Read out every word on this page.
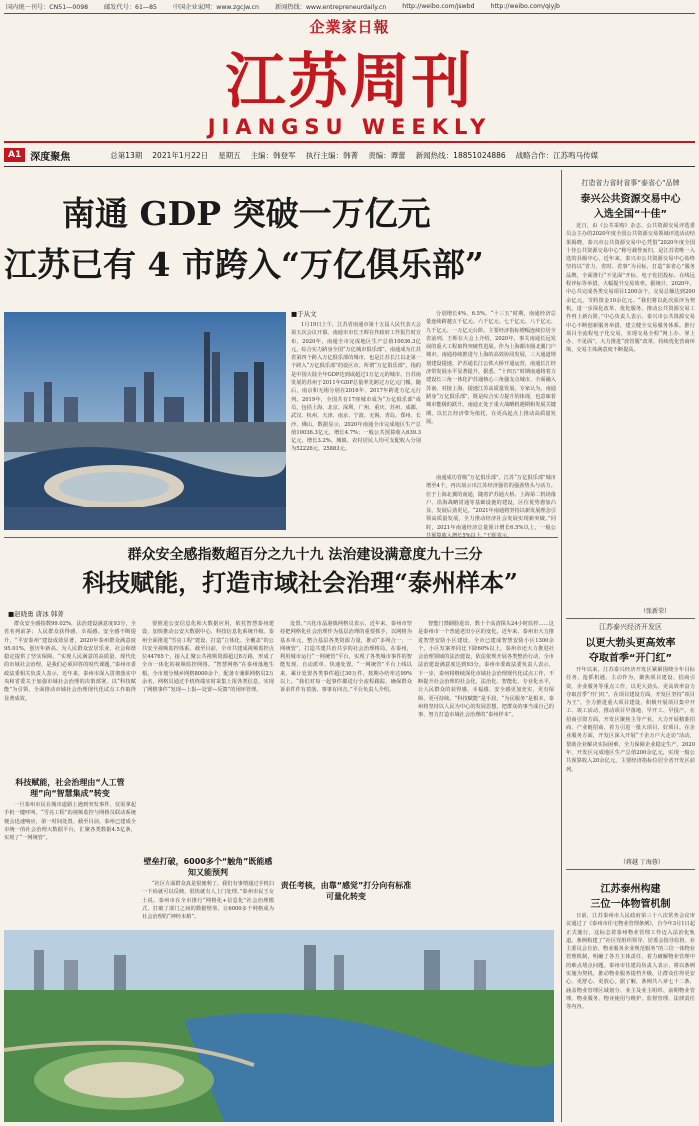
国内统一刊号：CN51—0098	邮发代号：61—85	中国企业家网：www.zgcjw.cn	新闻热线：www.entrepreneurdaily.cn	http://weibo.com/jswbd	http://weibo.com/qiyjb
企業家日報
江苏周刊
JIANGSU WEEKLY
A1 深度聚焦	总第13期 2021年1月22日 星期五 主编：韩登军 执行主编：韩菁 责编：谭蕾 新闻热线：18851024886 战略合作：江苏鸣马传媒
南通 GDP 突破一万亿元
江苏已有 4 市跨入“万亿俱乐部”
■于从文
1月19日上午，江苏省南通市第十五届人民代表大会第五次会议开幕。南通市市长王晖在作政府工作报告时宣布，2020年，南通全市完成地区生产总值10036.3亿元，综合实力跻身全国“万亿城市俱乐部”。南通成为江苏省第四个跨入万亿俱乐部的城市，也是江苏长江以北第一个跨入“万亿俱乐部”的设区市。所谓“万亿俱乐部”，指的是中国大陆全年GDP达到或超过1万亿元的城市。自苏南发展的苏州于2011年GDP总量率先跨过万亿元门槛。随后，南京和无锡分别在2016年、2017年跨进万亿元行列。2019年，全国共有17座城市成为“万亿俱乐部”成员，包括上海、北京、深圳、广州、重庆、苏州、成都、武汉、杭州、天津、南京、宁波、无锡、青岛、郑州、长沙、佛山。数据显示，2020年南通全市完成地区生产总值10036.3亿元，增长4.7%；一般公共预算收入639.3亿元，增长3.2%。城镇、农村居民人均可支配收入分别为52226元、25883元。
分别增长4%、6.5%。“十三五”时期，南通经济总量连续跨越五千亿元、六千亿元、七千亿元、八千亿元、九千亿元、一万亿元台阶。主要经济指标增幅连续位居全省前列。王晖在大会上介绍，2020年，事关南通长远发展的重大工程取得突破性进展。作为上海都市圈北翼门户城市，南通持续推进与上海的高效协同发展，三大通道规划建设提速，沪苏通长江公铁大桥开通运营，南通长江经济带发展水平显著提升。据悉，“十四五”时期南通将着力建设长三角一体化沪苏通核心三角强支点城市，全面融入苏南、对接上海、提速江苏高质量发展。专家认为，南通跻身“万亿俱乐部”，既是综合实力提升的体现，也意味着城市能级的跃升。南通正处于重大战略机遇期和发展关键期，以长江经济带为依托，在更高起点上推动高质量发展。
南通成功晋级“万亿俱乐部”，江苏“万亿俱乐部”城市增至4个，再次展示出江苏经济强省的强劲势头与活力。位于上海北翼的南通，随着沪苏通大桥、上海第二机场落户、沿海战略贯通等基础设施的建设，区位优势愈加凸显，发展后劲更足。“2021年南通将坚持以新发展理念引领高质量发展，全力推动经济社会发展实现新突破。”同时，2021年南通经济总量预计增长6.5%以上，一般公
群众安全感指数超百分之九十九 法治建设满意度九十三分
科技赋能，打造市域社会治理“泰州样本”
■赵晓勇 唐冰 韩菁
群众安全感指数99.02%，法治建设满意度93分，全省名列前茅；人民群众获得感、幸福感、安全感不断提升，“平安泰州”建设成效显著，2020年泰州群众满意度95.01%，创历年新高。为人民群众安居乐业、社会和谐稳定提供了坚实保障。“实现人民满意的高质量、现代化的市域社会治理，是我们必须回答的时代课题。”泰州市委政法委相关负责人表示，近年来，泰州市深入贯彻落实中央和省委关于加强市域社会治理的决策部署，以“科技赋能”为引领，全面推动市域社会治理现代化试点工作取得显著成效。
科技赋能，社会治理由“人工管理”向“智慧集成”转变
一旦泰州市民在城市道路上遇到突发事件，仅需拿起手机一键呼叫，“雪亮工程”的视频监控与网格员联动系统便会迅速响应，第一时间处置。截至目前，泰州已建成全市统一的社会治理大数据平台，汇聚各类数据4.5亿条，实现了“一网统管”。
要推进公安信息化和大数据应用，依托智慧泰州建设，加快推动公安大数据中心、科技信息化系统升级。泰州全面推进“雪亮工程”建设，打造“立体化、全覆盖”的公共安全视频监控体系。截至目前，全市共建成视频监控点位44765个，接入汇聚公共视频资源超过8万路，形成了全市一体化的视频监控网络。“智慧网格”在泰州落地生根，全市划分城乡网格8000余个，配备专兼职网格员2万余名，网格员通过手机终端实时采集上报各类信息，实现了网格事件“发现—上报—处置—反馈”的闭环管理。
壁垒打破，6000多个“触角”既能感知又能预判
“社区方面群众真是很便利了。我们有事情通过手机扫一下码就可以反映，很快就有人上门处理。”泰州市民王女士说。泰州市在全市推行“网格化+信息化”社会治理模式，打破了部门之间的数据壁垒，让6000多个网格成为社会治理的“神经末梢”。
处置。”兴化市晶港镇网格员表示。近年来，泰州市坚持把网格化社会治理作为基层治理的重要抓手，以网格为基本单元，整合基层各类资源力量，推动“多网合一、一网统管”，打造共建共治共享的社会治理格局。在泰州，利用城市运行“一网统管”平台，实现了各类城市事件的智能发现、自动派单、快速处置。“一网统管”平台上线以来，累计处置各类事件超过30万件，按期办结率达99%以上。“我们对每一起事件都进行全流程跟踪，确保群众诉求件件有着落、事事有回音。”平台负责人介绍。
责任考核，由靠“感觉”打分向有标准可量化转变
智能门禁刷脸进出，数十个高清探头24小时监控……这是泰州市一个普通老旧小区的变化。近年来，泰州市大力推进智慧安防小区建设，全市已建成智慧安防小区1300余个，小区发案率同比下降60%以上。泰州市还大力推进社会治理领域的法治建设，依法依规开展各类整治行动，全市法治建设满意度达到93分。泰州市委政法委负责人表示，下一步，泰州将继续深化市域社会治理现代化试点工作，不断提升社会治理的社会化、法治化、智能化、专业化水平，让人民群众的获得感、幸福感、安全感更加充实、更有保障、更可持续。“科技赋能”是手段，“为民服务”是根本。泰州将坚持以人民为中心的发展思想，把群众的事当成自己的事，努力打造市域社会治理的“泰州样本”。
打造省力省时省事“泰省心”品牌
泰兴公共资源交易中心
入选全国“十佳”
近日，由《公共采购》杂志、公共资源交易评选委员会主办的2020年度全国公共资源交易领域评选活动结果揭晓，泰兴市公共资源交易中心凭借“2020年度全国十佳公共资源交易中心”称号载誉而归，是江苏省唯一入选的县级中心。近年来，泰兴市公共资源交易中心始终坚持以“省力、省时、省事”为目标，打造“泰省心”服务品牌，全面推行“不见面”开标、电子化招投标、在线远程评标等举措，大幅提升交易效率。据统计，2020年，中心共完成各类交易项目1200余个，交易总额达到200余亿元，节约资金10余亿元。“我们将以此次获评为契机，进一步深化改革、优化服务，推动公共资源交易工作再上新台阶。”中心负责人表示。泰兴市公共资源交易中心不断创新服务举措，建立健全交易服务体系。推行项目全流程电子化交易，实现交易全程“网上办、掌上办、不见面”。大力推进“放管服”改革，持续优化营商环境，交易主体满意度不断提高。
（张新荣）
江苏泰兴经济开发区
以更大勃头更高效率
夺取首季“开门红”
开年以来，江苏泰兴经济开发区紧紧围绕全年目标任务，抢抓机遇、主动作为，聚焦项目建设、招商引资、企业服务等重点工作，以更大劲头、更高效率奋力夺取首季“开门红”。在项目建设方面，开发区坚持“项目为王”，全力推进重大项目建设，积极开展项目集中开工、竣工活动，推动项目早落地、早开工、早投产。在招商引资方面，开发区聚焦主导产业，大力开展精准招商、产业链招商，着力引进一批大项目、好项目。在企业服务方面，开发区深入开展“千企万户大走访”活动，帮助企业解决实际困难，全力保障企业稳定生产。2020年，开发区完成地区生产总值200余亿元，实现一般公共预算收入20余亿元，主要经济指标位居全省开发区前列。
（蒋越 丁海蓉）
江苏泰州构建
三位一体物管机制
日前，江苏泰州市人民政府第三十八次常务会议审议通过了《泰州市住宅物业管理条例》，自今年3月1日起正式施行。这标志着泰州物业管理工作迈入法治化轨道。条例构建了“社区党组织领导、居委会指导监督、业主委员会自治、物业服务企业规范服务”的三位一体物业管理机制，明确了各方主体责任，着力破解物业管理中的难点堵点问题。泰州市住建局负责人表示，将以条例实施为契机，推动物业服务提档升级，让群众住得更安心、更舒心、更放心。据了解，条例共八章七十二条，涵盖物业管理区域划分、业主及业主组织、前期物业管理、物业服务、物业使用与维护、监督管理、法律责任等内容。
